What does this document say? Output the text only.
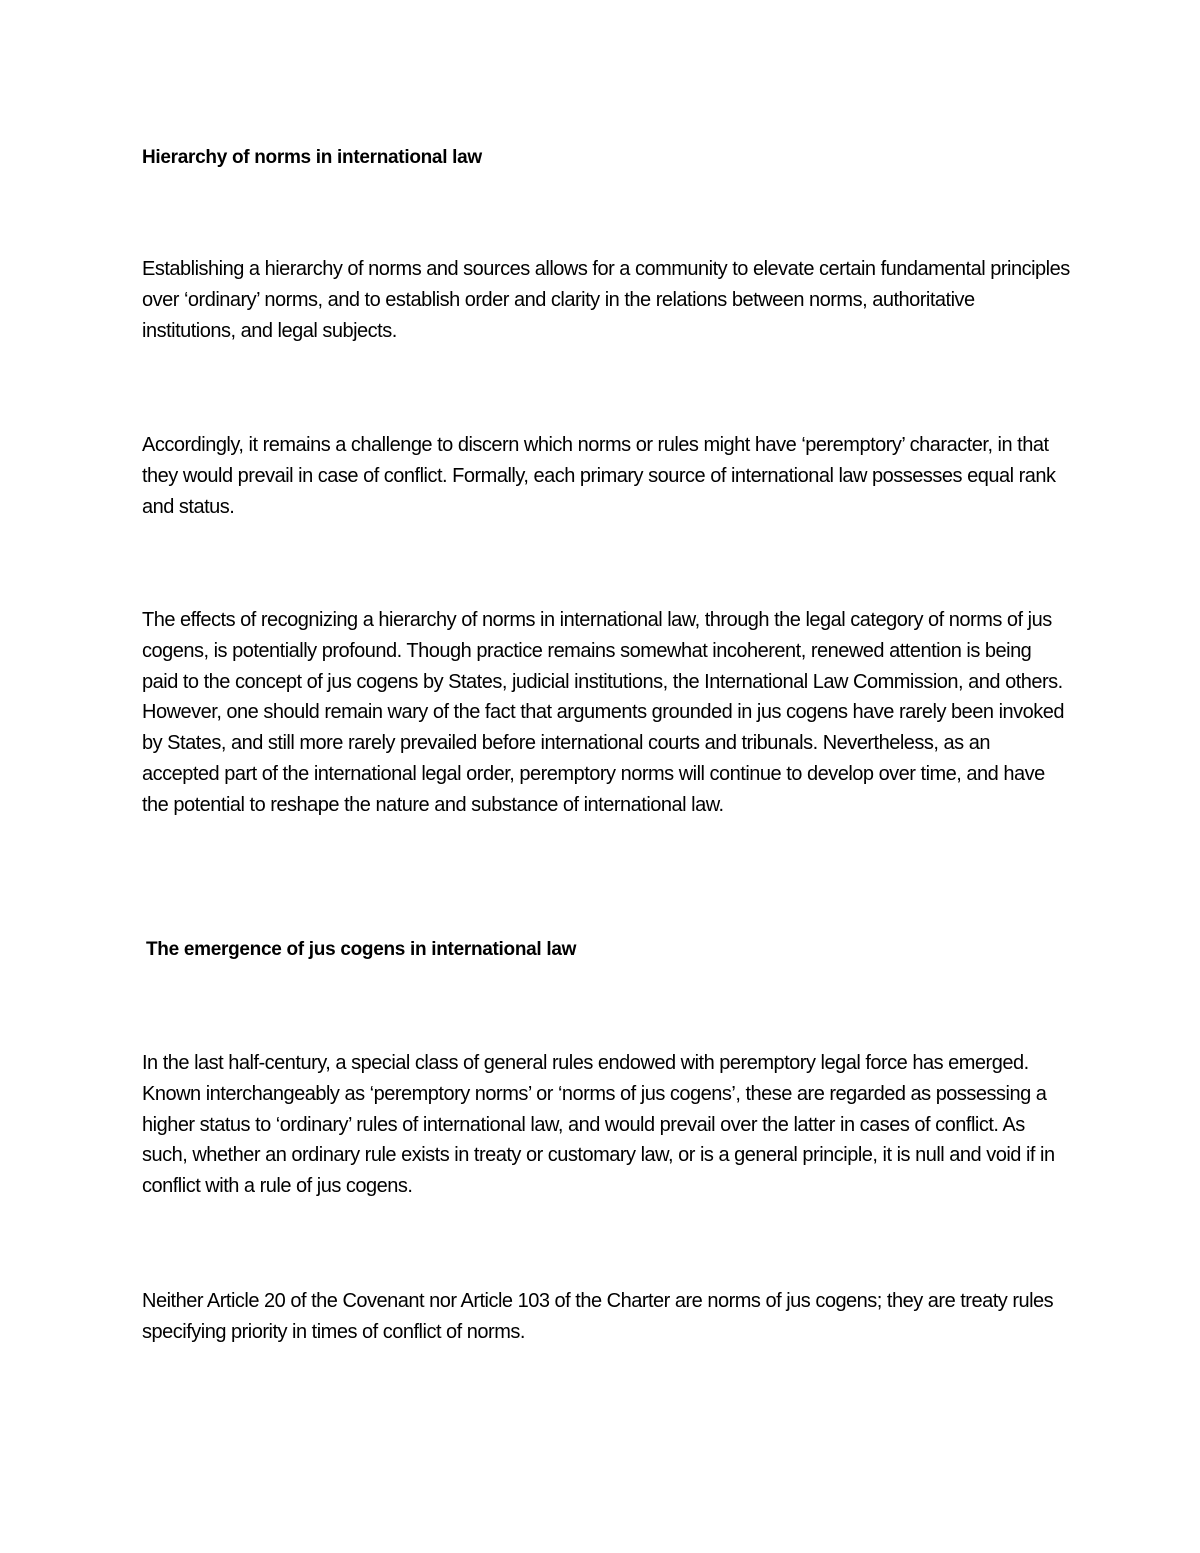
Hierarchy of norms in international law

Establishing a hierarchy of norms and sources allows for a community to elevate certain fundamental principles over ‘ordinary’ norms, and to establish order and clarity in the relations between norms, authoritative institutions, and legal subjects.

Accordingly, it remains a challenge to discern which norms or rules might have ‘peremptory’ character, in that they would prevail in case of conflict. Formally, each primary source of international law possesses equal rank and status.

The effects of recognizing a hierarchy of norms in international law, through the legal category of norms of jus cogens, is potentially profound. Though practice remains somewhat incoherent, renewed attention is being paid to the concept of jus cogens by States, judicial institutions, the International Law Commission, and others. However, one should remain wary of the fact that arguments grounded in jus cogens have rarely been invoked by States, and still more rarely prevailed before international courts and tribunals. Nevertheless, as an accepted part of the international legal order, peremptory norms will continue to develop over time, and have the potential to reshape the nature and substance of international law.

The emergence of jus cogens in international law

In the last half-century, a special class of general rules endowed with peremptory legal force has emerged. Known interchangeably as ‘peremptory norms’ or ‘norms of jus cogens’, these are regarded as possessing a higher status to ‘ordinary’ rules of international law, and would prevail over the latter in cases of conflict. As such, whether an ordinary rule exists in treaty or customary law, or is a general principle, it is null and void if in conflict with a rule of jus cogens.

Neither Article 20 of the Covenant nor Article 103 of the Charter are norms of jus cogens; they are treaty rules specifying priority in times of conflict of norms.
